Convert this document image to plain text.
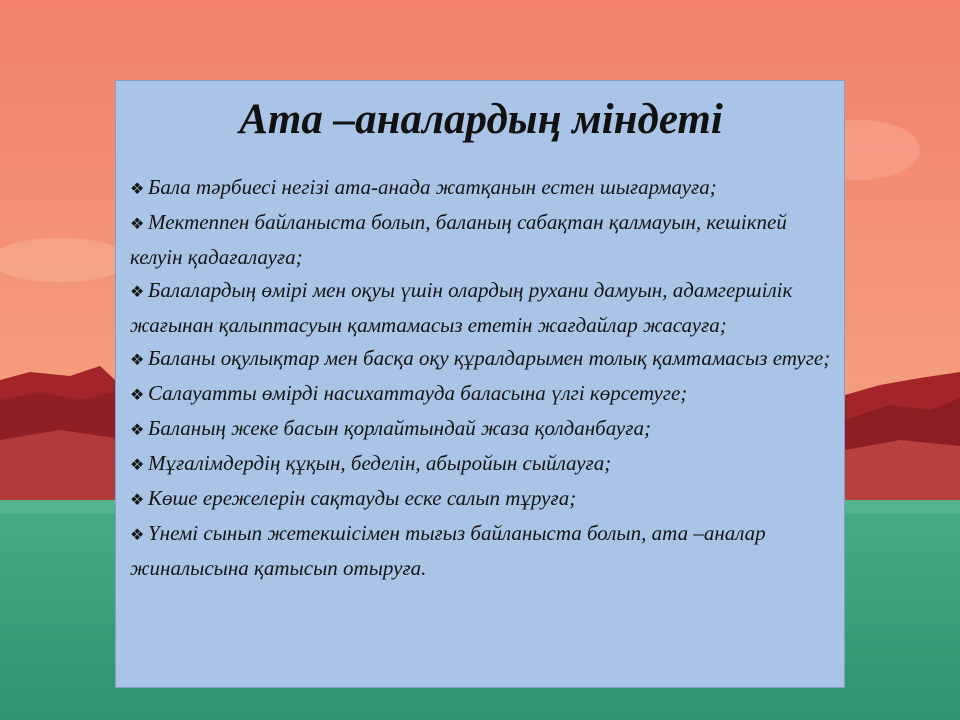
Ата –аналардың міндеті
❖ Бала тәрбиесі негізі ата-анада жатқанын естен шығармауға;
❖ Мектеппен байланыста болып, баланың сабақтан қалмауын, кешікпей келуін қадағалауға;
❖ Балалардың өмірі мен оқуы үшін олардың рухани дамуын, адамгершілік жағынан қалыптасуын қамтамасыз ететін жағдайлар жасауға;
❖ Баланы оқулықтар мен басқа оқу құралдарымен толық қамтамасыз етуге;
❖ Салауатты өмірді насихаттауда баласына үлгі көрсетуге;
❖ Баланың жеке басын қорлайтындай жаза қолданбауға;
❖ Мұғалімдердің құқын, беделін, абыройын сыйлауға;
❖ Көше ережелерін сақтауды еске салып тұруға;
❖ Үнемі сынып жетекшісімен тығыз байланыста болып, ата –аналар жиналысына қатысып отыруға.
